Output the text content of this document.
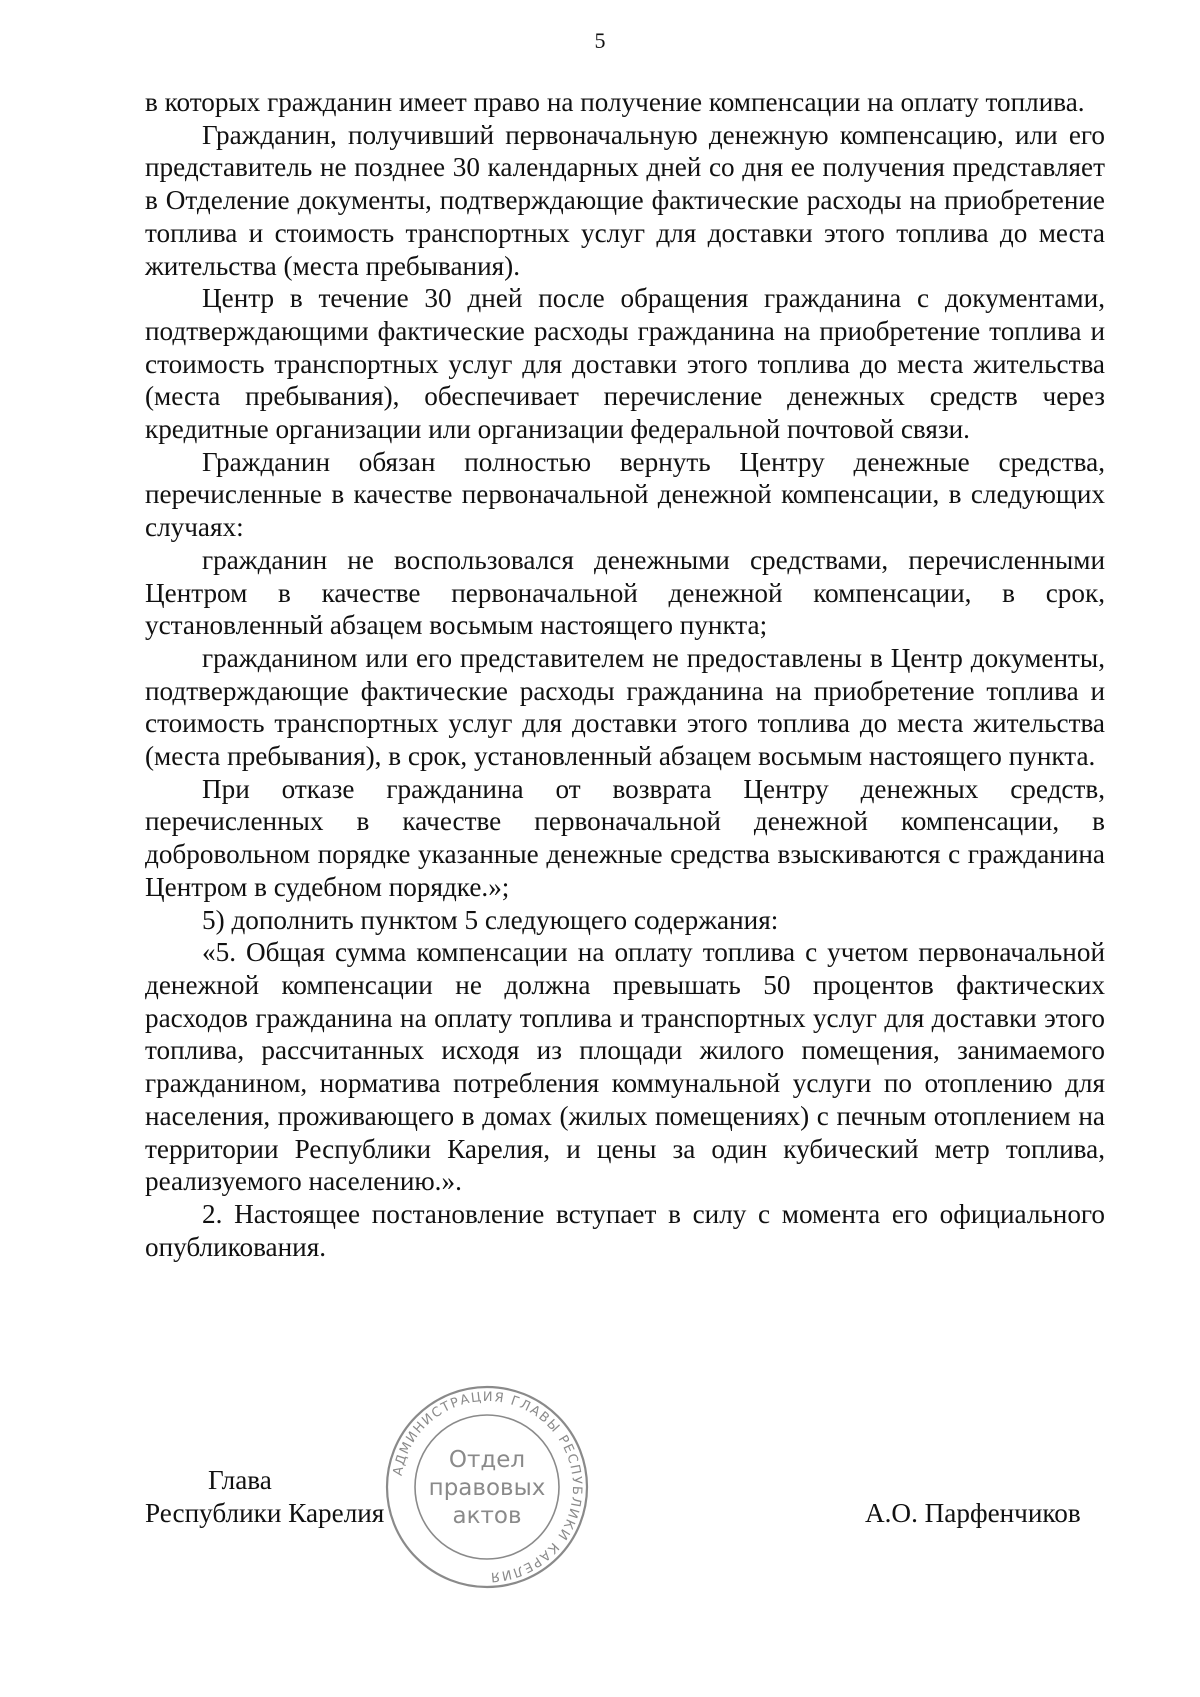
5

в которых гражданин имеет право на получение компенсации на оплату топлива.

Гражданин, получивший первоначальную денежную компенсацию, или его представитель не позднее 30 календарных дней со дня ее получения представляет в Отделение документы, подтверждающие фактические расходы на приобретение топлива и стоимость транспортных услуг для доставки этого топлива до места жительства (места пребывания).

Центр в течение 30 дней после обращения гражданина с документами, подтверждающими фактические расходы гражданина на приобретение топлива и стоимость транспортных услуг для доставки этого топлива до места жительства (места пребывания), обеспечивает перечисление денежных средств через кредитные организации или организации федеральной почтовой связи.

Гражданин обязан полностью вернуть Центру денежные средства, перечисленные в качестве первоначальной денежной компенсации, в следующих случаях:

гражданин не воспользовался денежными средствами, перечисленными Центром в качестве первоначальной денежной компенсации, в срок, установленный абзацем восьмым настоящего пункта;

гражданином или его представителем не предоставлены в Центр документы, подтверждающие фактические расходы гражданина на приобретение топлива и стоимость транспортных услуг для доставки этого топлива до места жительства (места пребывания), в срок, установленный абзацем восьмым настоящего пункта.

При отказе гражданина от возврата Центру денежных средств, перечисленных в качестве первоначальной денежной компенсации, в добровольном порядке указанные денежные средства взыскиваются с гражданина Центром в судебном порядке.»;

5) дополнить пунктом 5 следующего содержания:

«5. Общая сумма компенсации на оплату топлива с учетом первоначальной денежной компенсации не должна превышать 50 процентов фактических расходов гражданина на оплату топлива и транспортных услуг для доставки этого топлива, рассчитанных исходя из площади жилого помещения, занимаемого гражданином, норматива потребления коммунальной услуги по отоплению для населения, проживающего в домах (жилых помещениях) с печным отоплением на территории Республики Карелия, и цены за один кубический метр топлива, реализуемого населению.».

2. Настоящее постановление вступает в силу с момента его официального опубликования.

Глава
Республики Карелия	А.О. Парфенчиков
АДМИНИСТРАЦИЯ ГЛАВЫ РЕСПУБЛИКИ КАРЕЛИЯ
Отдел
правовых
актов
